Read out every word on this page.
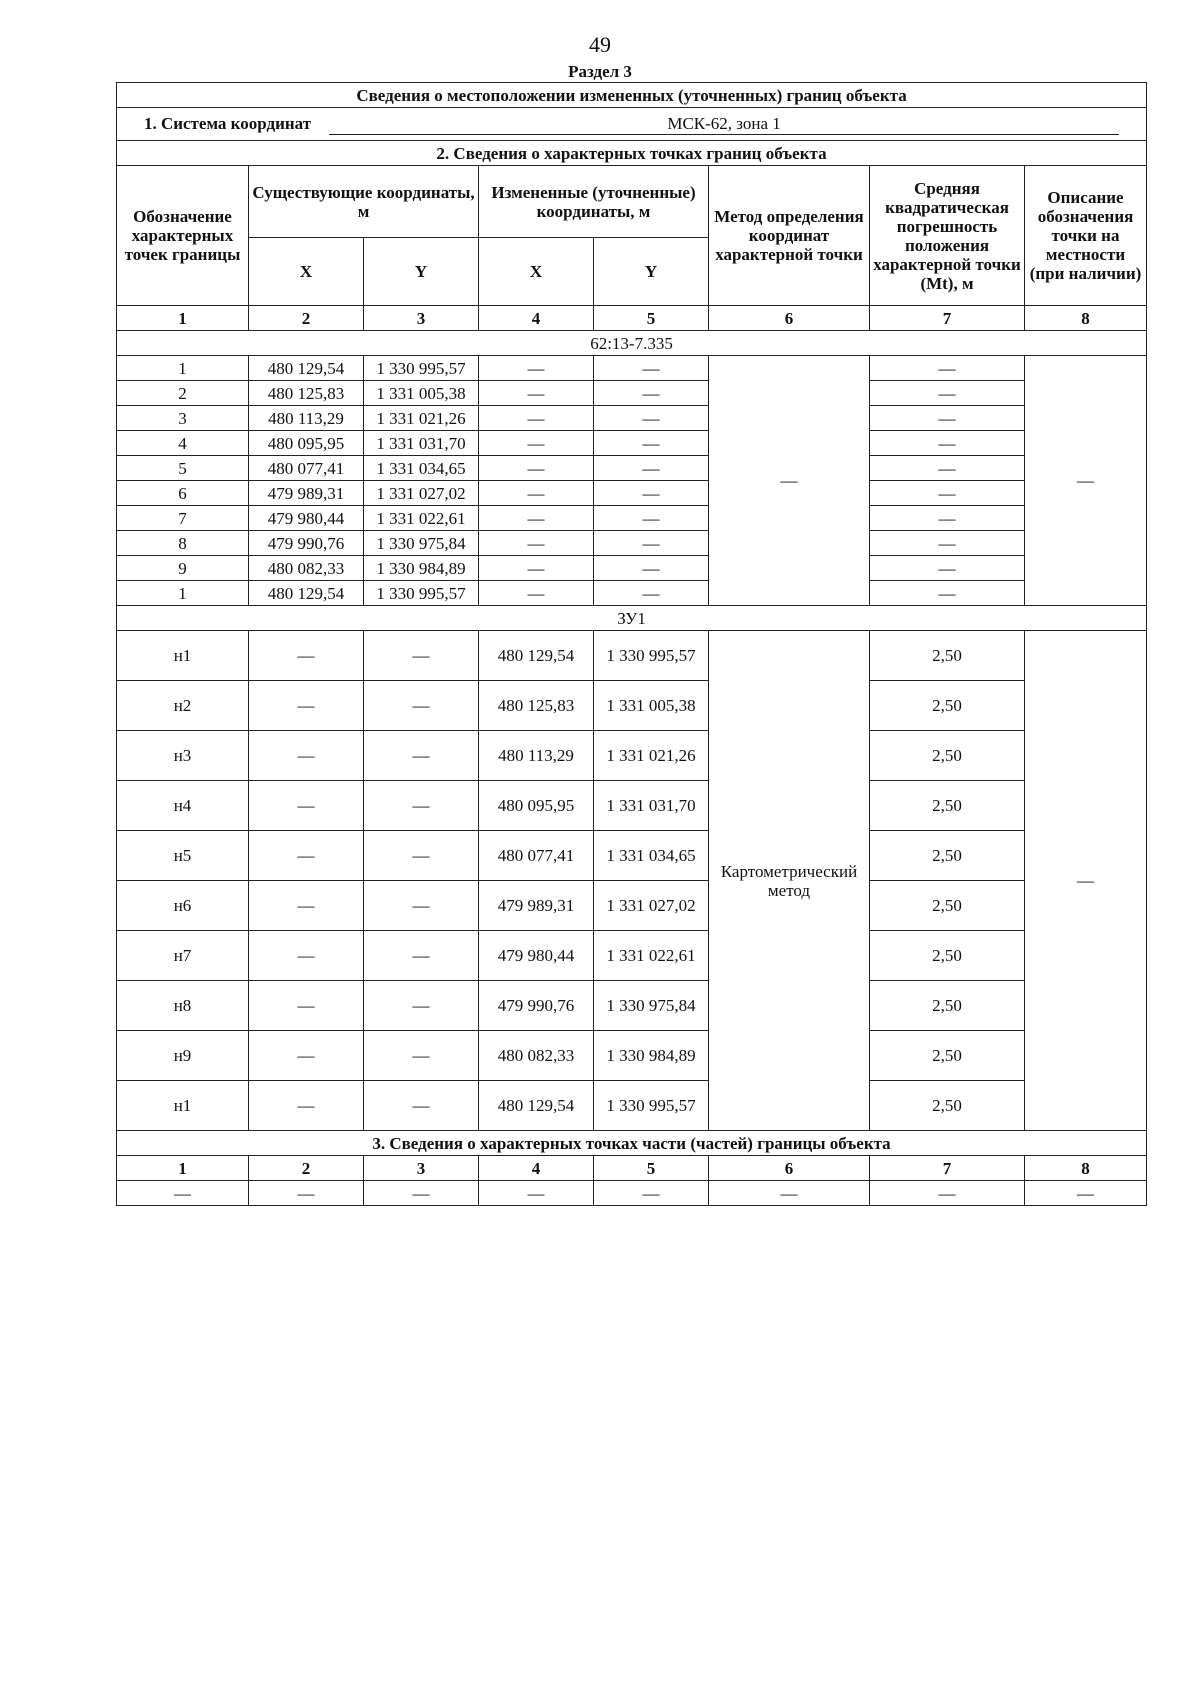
49
Раздел 3
Сведения о местоположении измененных (уточненных) границ объекта							
1. Система координат МСК-62, зона 1							
2. Сведения о характерных точках границ объекта							
Обозначение характерных точек границы	Существующие координаты, м		Измененные (уточненные) координаты, м		Метод определения координат характерной точки	Средняя квадратическая погрешность положения характерной точки (Mt), м	Описание обозначения точки на местности (при наличии)
	X	Y	X	Y			
1	2	3	4	5	6	7	8
62:13-7.335							
1	480 129,54	1 330 995,57	—	—	—	—	—
2	480 125,83	1 331 005,38	—	—		—	
3	480 113,29	1 331 021,26	—	—		—	
4	480 095,95	1 331 031,70	—	—		—	
5	480 077,41	1 331 034,65	—	—		—	
6	479 989,31	1 331 027,02	—	—		—	
7	479 980,44	1 331 022,61	—	—		—	
8	479 990,76	1 330 975,84	—	—		—	
9	480 082,33	1 330 984,89	—	—		—	
1	480 129,54	1 330 995,57	—	—		—	
ЗУ1							
н1	—	—	480 129,54	1 330 995,57	Картометрический метод	2,50	—
н2	—	—	480 125,83	1 331 005,38		2,50	
н3	—	—	480 113,29	1 331 021,26		2,50	
н4	—	—	480 095,95	1 331 031,70		2,50	
н5	—	—	480 077,41	1 331 034,65		2,50	
н6	—	—	479 989,31	1 331 027,02		2,50	
н7	—	—	479 980,44	1 331 022,61		2,50	
н8	—	—	479 990,76	1 330 975,84		2,50	
н9	—	—	480 082,33	1 330 984,89		2,50	
н1	—	—	480 129,54	1 330 995,57		2,50	
3. Сведения о характерных точках части (частей) границы объекта							
1	2	3	4	5	6	7	8
—	—	—	—	—	—	—	—
